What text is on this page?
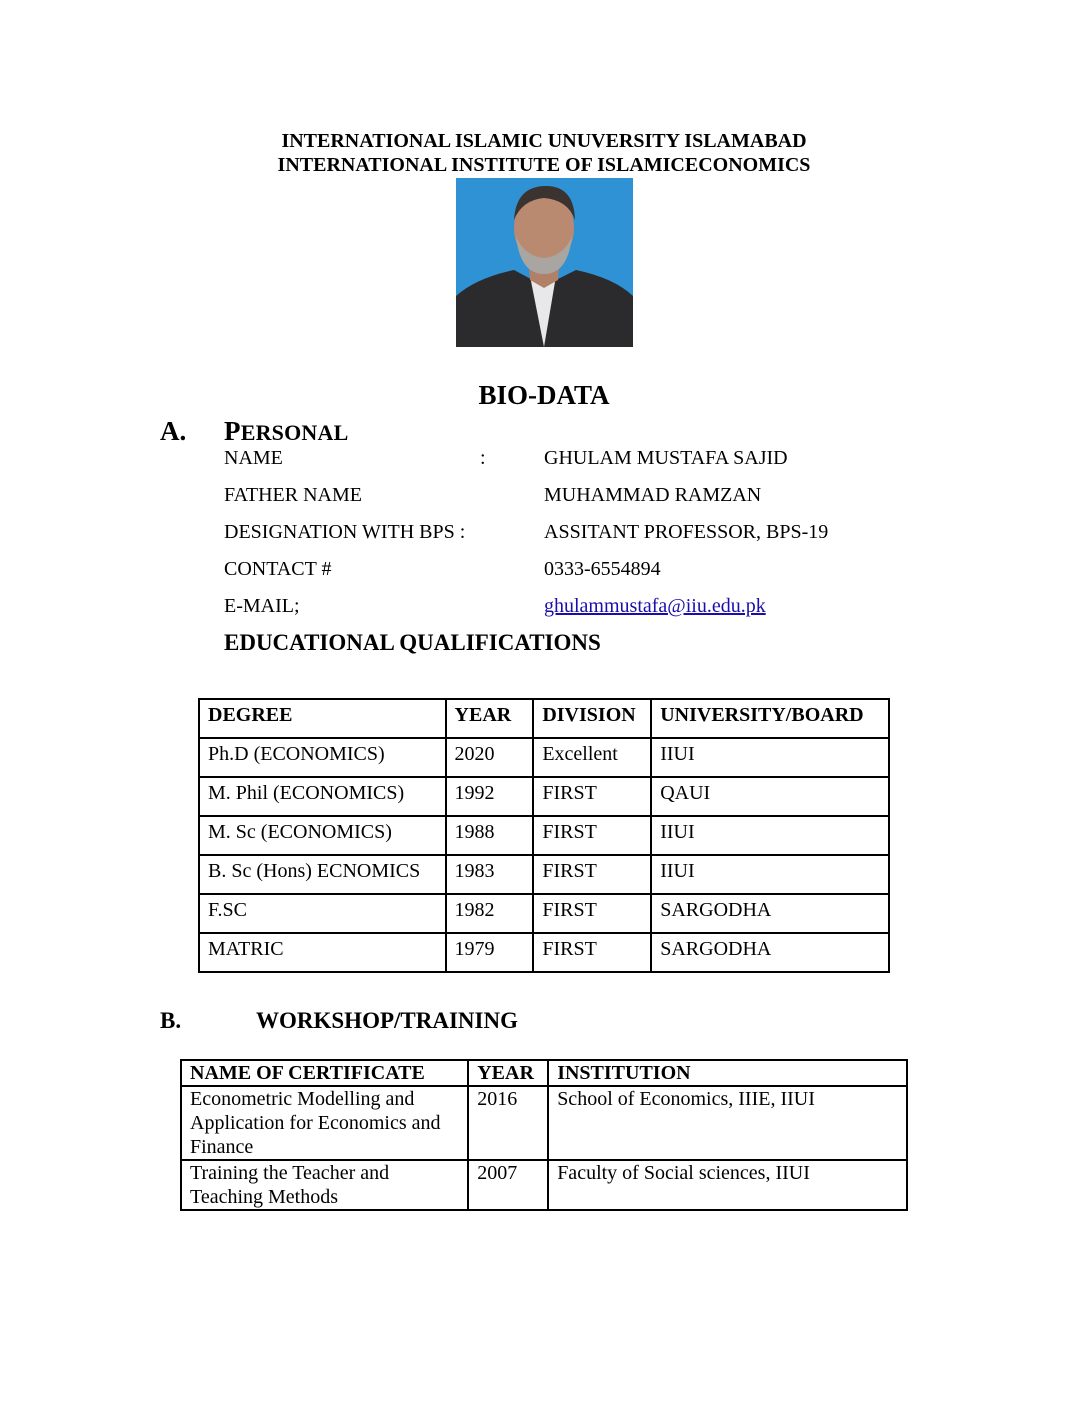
INTERNATIONAL ISLAMIC UNUVERSITY ISLAMABAD
INTERNATIONAL INSTITUTE OF ISLAMICECONOMICS
BIO-DATA
A. PERSONAL
NAME	:	GHULAM MUSTAFA SAJID
FATHER NAME	MUHAMMAD RAMZAN
DESIGNATION WITH BPS :	ASSITANT PROFESSOR, BPS-19
CONTACT #	0333-6554894
E-MAIL;	ghulammustafa@iiu.edu.pk
EDUCATIONAL QUALIFICATIONS
DEGREE	YEAR	DIVISION	UNIVERSITY/BOARD
Ph.D (ECONOMICS)	2020	Excellent	IIUI
M. Phil (ECONOMICS)	1992	FIRST	QAUI
M. Sc (ECONOMICS)	1988	FIRST	IIUI
B. Sc (Hons) ECNOMICS	1983	FIRST	IIUI
F.SC	1982	FIRST	SARGODHA
MATRIC	1979	FIRST	SARGODHA
B.	WORKSHOP/TRAINING
NAME OF CERTIFICATE	YEAR	INSTITUTION
Econometric Modelling and Application for Economics and Finance	2016	School of Economics, IIIE, IIUI
Training the Teacher and Teaching Methods	2007	Faculty of Social sciences, IIUI
